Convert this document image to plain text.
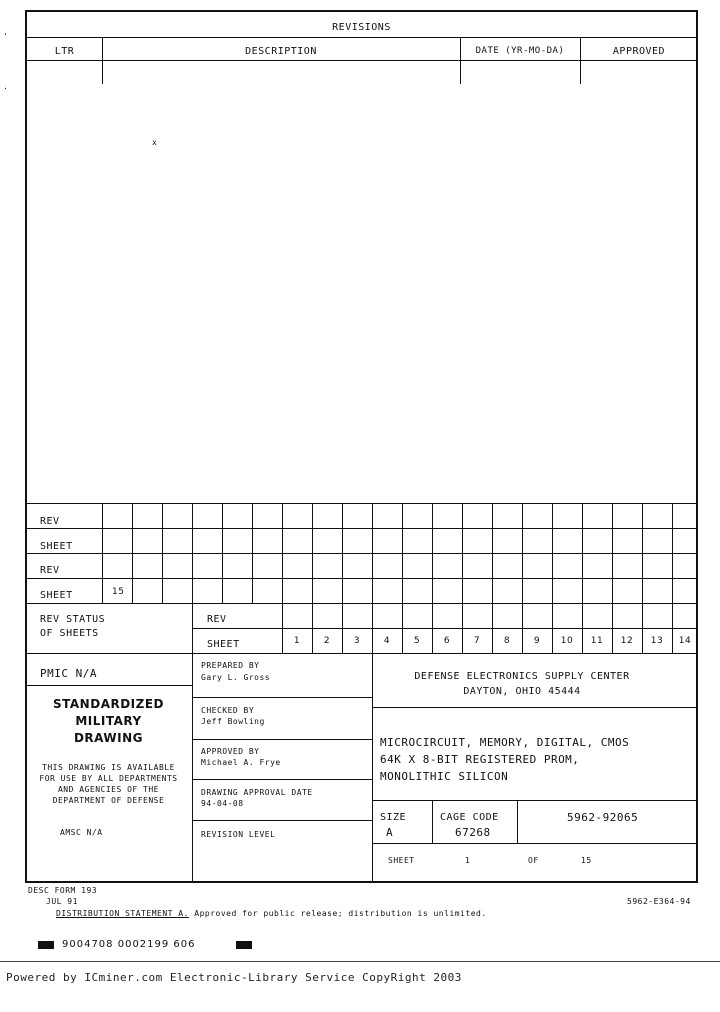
'
.
REVISIONS
LTR	DESCRIPTION	DATE (YR-MO-DA)	APPROVED
x
REV
SHEET
REV
SHEET	15
REV STATUS
OF SHEETS
REV
SHEET	1	2	3	4	5	6	7	8	9	10	11	12	13	14
PMIC N/A
STANDARDIZED
MILITARY
DRAWING
THIS DRAWING IS AVAILABLE
FOR USE BY ALL DEPARTMENTS
AND AGENCIES OF THE
DEPARTMENT OF DEFENSE
AMSC N/A
PREPARED BY
Gary L. Gross
CHECKED BY
Jeff Bowling
APPROVED BY
Michael A. Frye
DRAWING APPROVAL DATE
94-04-08
REVISION LEVEL
DEFENSE ELECTRONICS SUPPLY CENTER
DAYTON, OHIO 45444
MICROCIRCUIT, MEMORY, DIGITAL, CMOS
64K X 8-BIT REGISTERED PROM,
MONOLITHIC SILICON
SIZE
A
CAGE CODE
67268
5962-92065
SHEET	1	OF	15
DESC FORM 193
JUL 91	5962-E364-94
DISTRIBUTION STATEMENT A. Approved for public release; distribution is unlimited.
9004708 0002199 606
Powered by ICminer.com Electronic-Library Service CopyRight 2003
